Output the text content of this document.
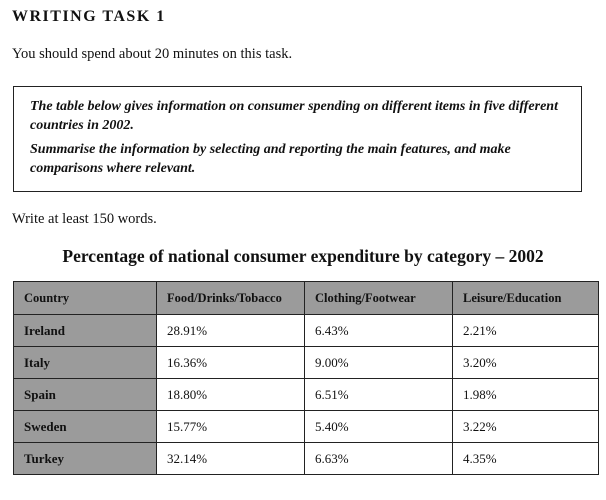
WRITING TASK 1

You should spend about 20 minutes on this task.

The table below gives information on consumer spending on different items in five different countries in 2002.

Summarise the information by selecting and reporting the main features, and make comparisons where relevant.

Write at least 150 words.

Percentage of national consumer expenditure by category – 2002
Country	Food/Drinks/Tobacco	Clothing/Footwear	Leisure/Education
Ireland	28.91%	6.43%	2.21%
Italy	16.36%	9.00%	3.20%
Spain	18.80%	6.51%	1.98%
Sweden	15.77%	5.40%	3.22%
Turkey	32.14%	6.63%	4.35%
